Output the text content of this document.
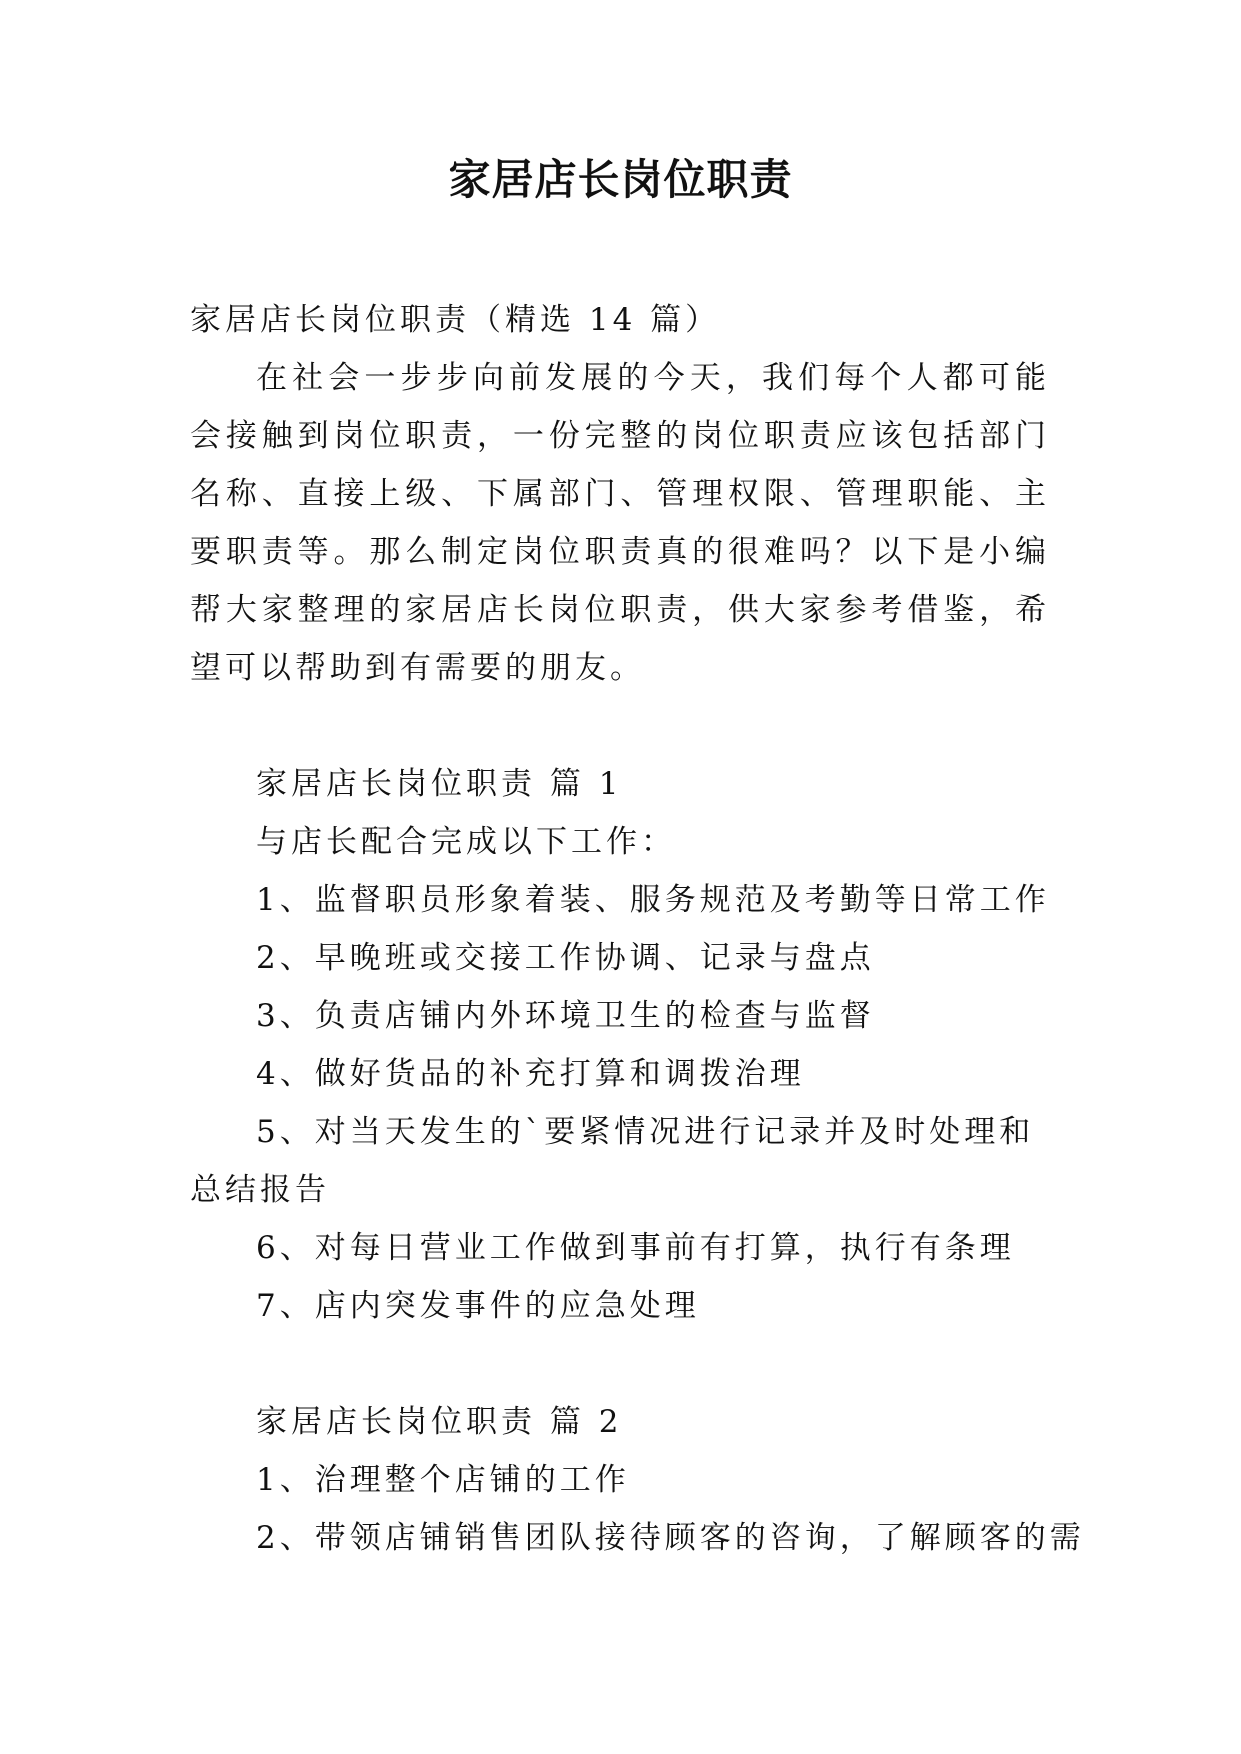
家居店长岗位职责
家居店长岗位职责（精选 14 篇）
在社会一步步向前发展的今天，我们每个人都可能会接触到岗位职责，一份完整的岗位职责应该包括部门名称、直接上级、下属部门、管理权限、管理职能、主要职责等。那么制定岗位职责真的很难吗？以下是小编帮大家整理的家居店长岗位职责，供大家参考借鉴，希望可以帮助到有需要的朋友。
家居店长岗位职责 篇 1
与店长配合完成以下工作：
1、监督职员形象着装、服务规范及考勤等日常工作
2、早晚班或交接工作协调、记录与盘点
3、负责店铺内外环境卫生的检查与监督
4、做好货品的补充打算和调拨治理
5、对当天发生的`要紧情况进行记录并及时处理和总结报告
6、对每日营业工作做到事前有打算，执行有条理
7、店内突发事件的应急处理
家居店长岗位职责 篇 2
1、治理整个店铺的工作
2、带领店铺销售团队接待顾客的咨询，了解顾客的需
